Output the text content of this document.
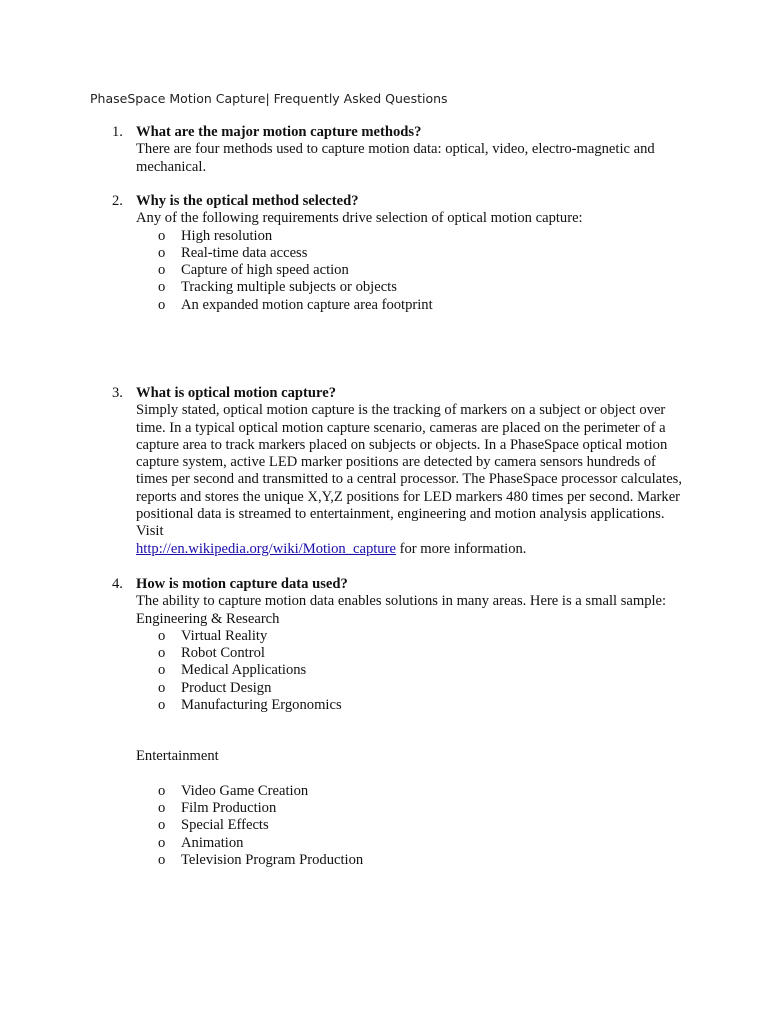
PhaseSpace Motion Capture| Frequently Asked Questions
1. What are the major motion capture methods?
There are four methods used to capture motion data: optical, video, electro-magnetic and mechanical.
2. Why is the optical method selected?
Any of the following requirements drive selection of optical motion capture:
o High resolution
o Real-time data access
o Capture of high speed action
o Tracking multiple subjects or objects
o An expanded motion capture area footprint
3. What is optical motion capture?
Simply stated, optical motion capture is the tracking of markers on a subject or object over time. In a typical optical motion capture scenario, cameras are placed on the perimeter of a capture area to track markers placed on subjects or objects. In a PhaseSpace optical motion capture system, active LED marker positions are detected by camera sensors hundreds of times per second and transmitted to a central processor. The PhaseSpace processor calculates, reports and stores the unique X,Y,Z positions for LED markers 480 times per second. Marker positional data is streamed to entertainment, engineering and motion analysis applications. Visit
http://en.wikipedia.org/wiki/Motion_capture for more information.
4. How is motion capture data used?
The ability to capture motion data enables solutions in many areas. Here is a small sample:
Engineering & Research
o Virtual Reality
o Robot Control
o Medical Applications
o Product Design
o Manufacturing Ergonomics
Entertainment
o Video Game Creation
o Film Production
o Special Effects
o Animation
o Television Program Production
